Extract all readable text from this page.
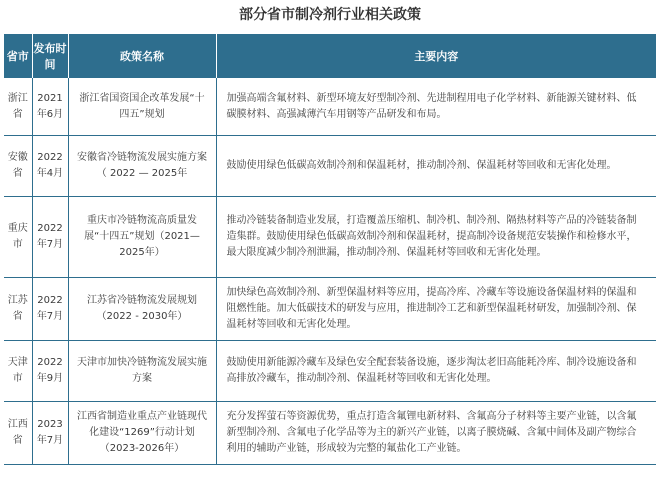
部分省市制冷剂行业相关政策
省市	发布时间	政策名称	主要内容
浙江省	2021年6月	浙江省国资国企改革发展“十四五”规划	加强高端含氟材料、新型环境友好型制冷剂、先进制程用电子化学材料、新能源关键材料、低碳膜材料、高强减薄汽车用钢等产品研发和布局。
安徽省	2022年4月	安徽省冷链物流发展实施方案（ 2022 — 2025年	鼓励使用绿色低碳高效制冷剂和保温耗材，推动制冷剂、保温耗材等回收和无害化处理。
重庆市	2022年7月	重庆市冷链物流高质量发展“十四五”规划（2021—2025年）	推动冷链装备制造业发展，打造覆盖压缩机、制冷机、制冷剂、隔热材料等产品的冷链装备制造集群。鼓励使用绿色低碳高效制冷剂和保温耗材，提高制冷设备规范安装操作和检修水平，最大限度减少制冷剂泄漏，推动制冷剂、保温耗材等回收和无害化处理。
江苏省	2022年7月	江苏省冷链物流发展规划（2022 - 2030年）	加快绿色高效制冷剂、新型保温材料等应用，提高冷库、冷藏车等设施设备保温材料的保温和阻燃性能。加大低碳技术的研发与应用，推进制冷工艺和新型保温耗材研发，加强制冷剂、保温耗材等回收和无害化处理。
天津市	2022年9月	天津市加快冷链物流发展实施方案	鼓励使用新能源冷藏车及绿色安全配套装备设施，逐步淘汰老旧高能耗冷库、制冷设施设备和高排放冷藏车，推动制冷剂、保温耗材等回收和无害化处理。
江西省	2023年7月	江西省制造业重点产业链现代化建设“1269”行动计划（2023-2026年）	充分发挥萤石等资源优势，重点打造含氟锂电新材料、含氟高分子材料等主要产业链，以含氟新型制冷剂、含氟电子化学品等为主的新兴产业链，以离子膜烧碱、含氟中间体及副产物综合利用的辅助产业链，形成较为完整的氟盐化工产业链。
